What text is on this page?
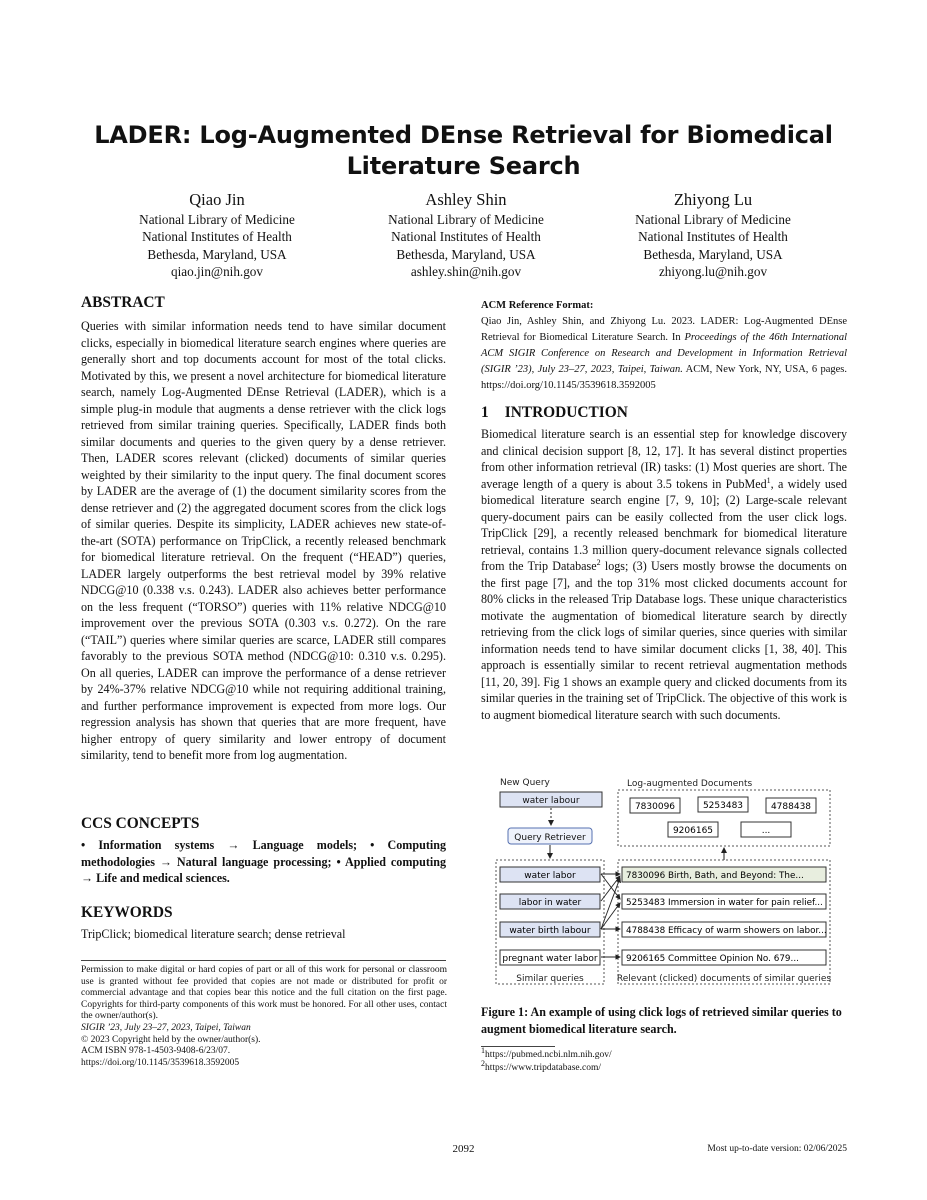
LADER: Log-Augmented DEnse Retrieval for Biomedical
Literature Search
Qiao Jin
National Library of Medicine
National Institutes of Health
Bethesda, Maryland, USA
qiao.jin@nih.gov
Ashley Shin
National Library of Medicine
National Institutes of Health
Bethesda, Maryland, USA
ashley.shin@nih.gov
Zhiyong Lu
National Library of Medicine
National Institutes of Health
Bethesda, Maryland, USA
zhiyong.lu@nih.gov
ABSTRACT
Queries with similar information needs tend to have similar document clicks, especially in biomedical literature search engines where queries are generally short and top documents account for most of the total clicks. Motivated by this, we present a novel architecture for biomedical literature search, namely Log-Augmented DEnse Retrieval (LADER), which is a simple plug-in module that augments a dense retriever with the click logs retrieved from similar training queries. Specifically, LADER finds both similar documents and queries to the given query by a dense retriever. Then, LADER scores relevant (clicked) documents of similar queries weighted by their similarity to the input query. The final document scores by LADER are the average of (1) the document similarity scores from the dense retriever and (2) the aggregated document scores from the click logs of similar queries. Despite its simplicity, LADER achieves new state-of-the-art (SOTA) performance on TripClick, a recently released benchmark for biomedical literature retrieval. On the frequent (“HEAD”) queries, LADER largely outperforms the best retrieval model by 39% relative NDCG@10 (0.338 v.s. 0.243). LADER also achieves better performance on the less frequent (“TORSO”) queries with 11% relative NDCG@10 improvement over the previous SOTA (0.303 v.s. 0.272). On the rare (“TAIL”) queries where similar queries are scarce, LADER still compares favorably to the previous SOTA method (NDCG@10: 0.310 v.s. 0.295). On all queries, LADER can improve the performance of a dense retriever by 24%-37% relative NDCG@10 while not requiring additional training, and further performance improvement is expected from more logs. Our regression analysis has shown that queries that are more frequent, have higher entropy of query similarity and lower entropy of document similarity, tend to benefit more from log augmentation.
CCS CONCEPTS
• Information systems → Language models; • Computing methodologies → Natural language processing; • Applied computing → Life and medical sciences.
KEYWORDS
TripClick; biomedical literature search; dense retrieval
Permission to make digital or hard copies of part or all of this work for personal or classroom use is granted without fee provided that copies are not made or distributed for profit or commercial advantage and that copies bear this notice and the full citation on the first page. Copyrights for third-party components of this work must be honored. For all other uses, contact the owner/author(s).
SIGIR ’23, July 23–27, 2023, Taipei, Taiwan
© 2023 Copyright held by the owner/author(s).
ACM ISBN 978-1-4503-9408-6/23/07.
https://doi.org/10.1145/3539618.3592005
ACM Reference Format:
Qiao Jin, Ashley Shin, and Zhiyong Lu. 2023. LADER: Log-Augmented DEnse Retrieval for Biomedical Literature Search. In Proceedings of the 46th International ACM SIGIR Conference on Research and Development in Information Retrieval (SIGIR ’23), July 23–27, 2023, Taipei, Taiwan. ACM, New York, NY, USA, 6 pages. https://doi.org/10.1145/3539618.3592005
1 INTRODUCTION
Biomedical literature search is an essential step for knowledge discovery and clinical decision support [8, 12, 17]. It has several distinct properties from other information retrieval (IR) tasks: (1) Most queries are short. The average length of a query is about 3.5 tokens in PubMed$^1$, a widely used biomedical literature search engine [7, 9, 10]; (2) Large-scale relevant query-document pairs can be easily collected from the user click logs. TripClick [29], a recently released benchmark for biomedical literature retrieval, contains 1.3 million query-document relevance signals collected from the Trip Database$^2$ logs; (3) Users mostly browse the documents on the first page [7], and the top 31% most clicked documents account for 80% clicks in the released Trip Database logs. These unique characteristics motivate the augmentation of biomedical literature search by directly retrieving from the click logs of similar queries, since queries with similar information needs tend to have similar document clicks [1, 38, 40]. This approach is essentially similar to recent retrieval augmentation methods [11, 20, 39]. Fig 1 shows an example query and clicked documents from its similar queries in the training set of TripClick. The objective of this work is to augment biomedical literature search with such documents.
New Query	Log-augmented Documents
water labour
Query Retriever
7830096	5253483	4788438
9206165	...
water labor
labor in water
water birth labour
pregnant water labor
Similar queries
7830096 Birth, Bath, and Beyond: The...
5253483 Immersion in water for pain relief...
4788438 Efficacy of warm showers on labor...
9206165 Committee Opinion No. 679...
Relevant (clicked) documents of similar queries
Figure 1: An example of using click logs of retrieved similar queries to augment biomedical literature search.
$^1$https://pubmed.ncbi.nlm.nih.gov/
$^2$https://www.tripdatabase.com/
2092	Most up-to-date version: 02/06/2025
